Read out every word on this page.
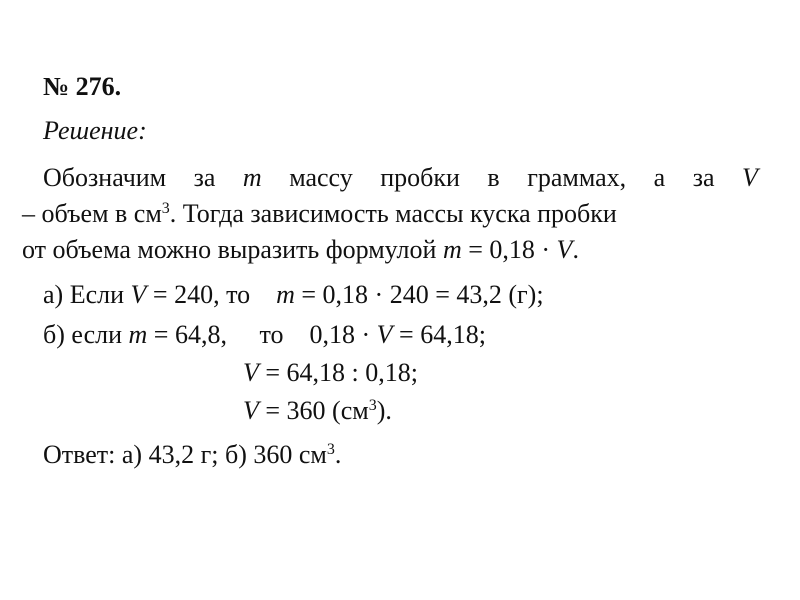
№ 276.
Решение:
Обозначим за m массу пробки в граммах, а за V
– объем в $см^3$. Тогда зависимость массы куска пробки
от объема можно выразить формулой m = 0,18 · V.
а) Если V = 240, то    m = 0,18 · 240 = 43,2 (г);
б) если m = 64,8,     то    0,18 · V = 64,18;
V = 64,18 : 0,18;
V = 360 $(см^3)$.
Ответ: а) 43,2 г; б) 360 $см^3$.
